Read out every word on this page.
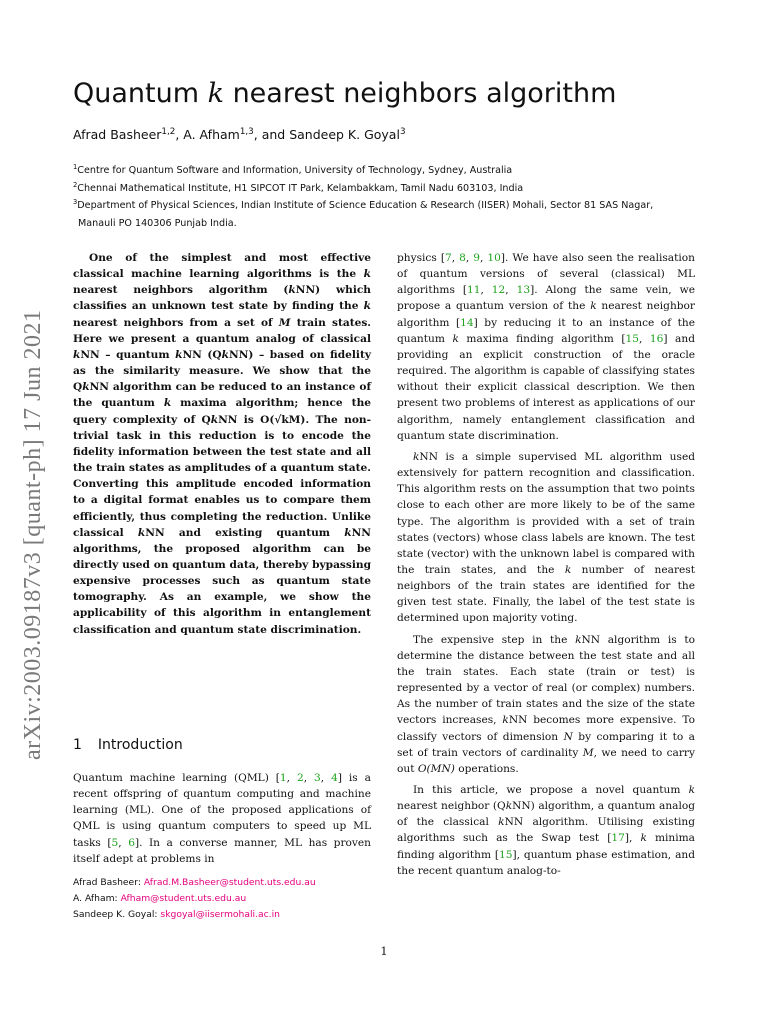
arXiv:2003.09187v3 [quant-ph] 17 Jun 2021
Quantum k nearest neighbors algorithm
Afrad Basheer$^{1,2}$, A. Afham$^{1,3}$, and Sandeep K. Goyal$^3$

$^1$Centre for Quantum Software and Information, University of Technology, Sydney, Australia

$^2$Chennai Mathematical Institute, H1 SIPCOT IT Park, Kelambakkam, Tamil Nadu 603103, India

$^3$Department of Physical Sciences, Indian Institute of Science Education & Research (IISER) Mohali, Sector 81 SAS Nagar,

Manauli PO 140306 Punjab India.

One of the simplest and most effective classical machine learning algorithms is the k nearest neighbors algorithm (kNN) which classifies an unknown test state by finding the k nearest neighbors from a set of M train states. Here we present a quantum analog of classical kNN – quantum kNN (QkNN) – based on fidelity as the similarity measure. We show that the QkNN algorithm can be reduced to an instance of the quantum k maxima algorithm; hence the query complexity of QkNN is O(√kM). The non-trivial task in this reduction is to encode the fidelity information between the test state and all the train states as amplitudes of a quantum state. Converting this amplitude encoded information to a digital format enables us to compare them efficiently, thus completing the reduction. Unlike classical kNN and existing quantum kNN algorithms, the proposed algorithm can be directly used on quantum data, thereby bypassing expensive processes such as quantum state tomography. As an example, we show the applicability of this algorithm in entanglement classification and quantum state discrimination.

1 Introduction

Quantum machine learning (QML) [1, 2, 3, 4] is a recent offspring of quantum computing and machine learning (ML). One of the proposed applications of QML is using quantum computers to speed up ML tasks [5, 6]. In a converse manner, ML has proven itself adept at problems in

Afrad Basheer: Afrad.M.Basheer@student.uts.edu.au

A. Afham: Afham@student.uts.edu.au

Sandeep K. Goyal: skgoyal@iisermohali.ac.in

physics [7, 8, 9, 10]. We have also seen the realisation of quantum versions of several (classical) ML algorithms [11, 12, 13]. Along the same vein, we propose a quantum version of the k nearest neighbor algorithm [14] by reducing it to an instance of the quantum k maxima finding algorithm [15, 16] and providing an explicit construction of the oracle required. The algorithm is capable of classifying states without their explicit classical description. We then present two problems of interest as applications of our algorithm, namely entanglement classification and quantum state discrimination.

kNN is a simple supervised ML algorithm used extensively for pattern recognition and classification. This algorithm rests on the assumption that two points close to each other are more likely to be of the same type. The algorithm is provided with a set of train states (vectors) whose class labels are known. The test state (vector) with the unknown label is compared with the train states, and the k number of nearest neighbors of the train states are identified for the given test state. Finally, the label of the test state is determined upon majority voting.

The expensive step in the kNN algorithm is to determine the distance between the test state and all the train states. Each state (train or test) is represented by a vector of real (or complex) numbers. As the number of train states and the size of the state vectors increases, kNN becomes more expensive. To classify vectors of dimension N by comparing it to a set of train vectors of cardinality M, we need to carry out O(MN) operations.

In this article, we propose a novel quantum k nearest neighbor (QkNN) algorithm, a quantum analog of the classical kNN algorithm. Utilising existing algorithms such as the Swap test [17], k minima finding algorithm [15], quantum phase estimation, and the recent quantum analog-to-

1
